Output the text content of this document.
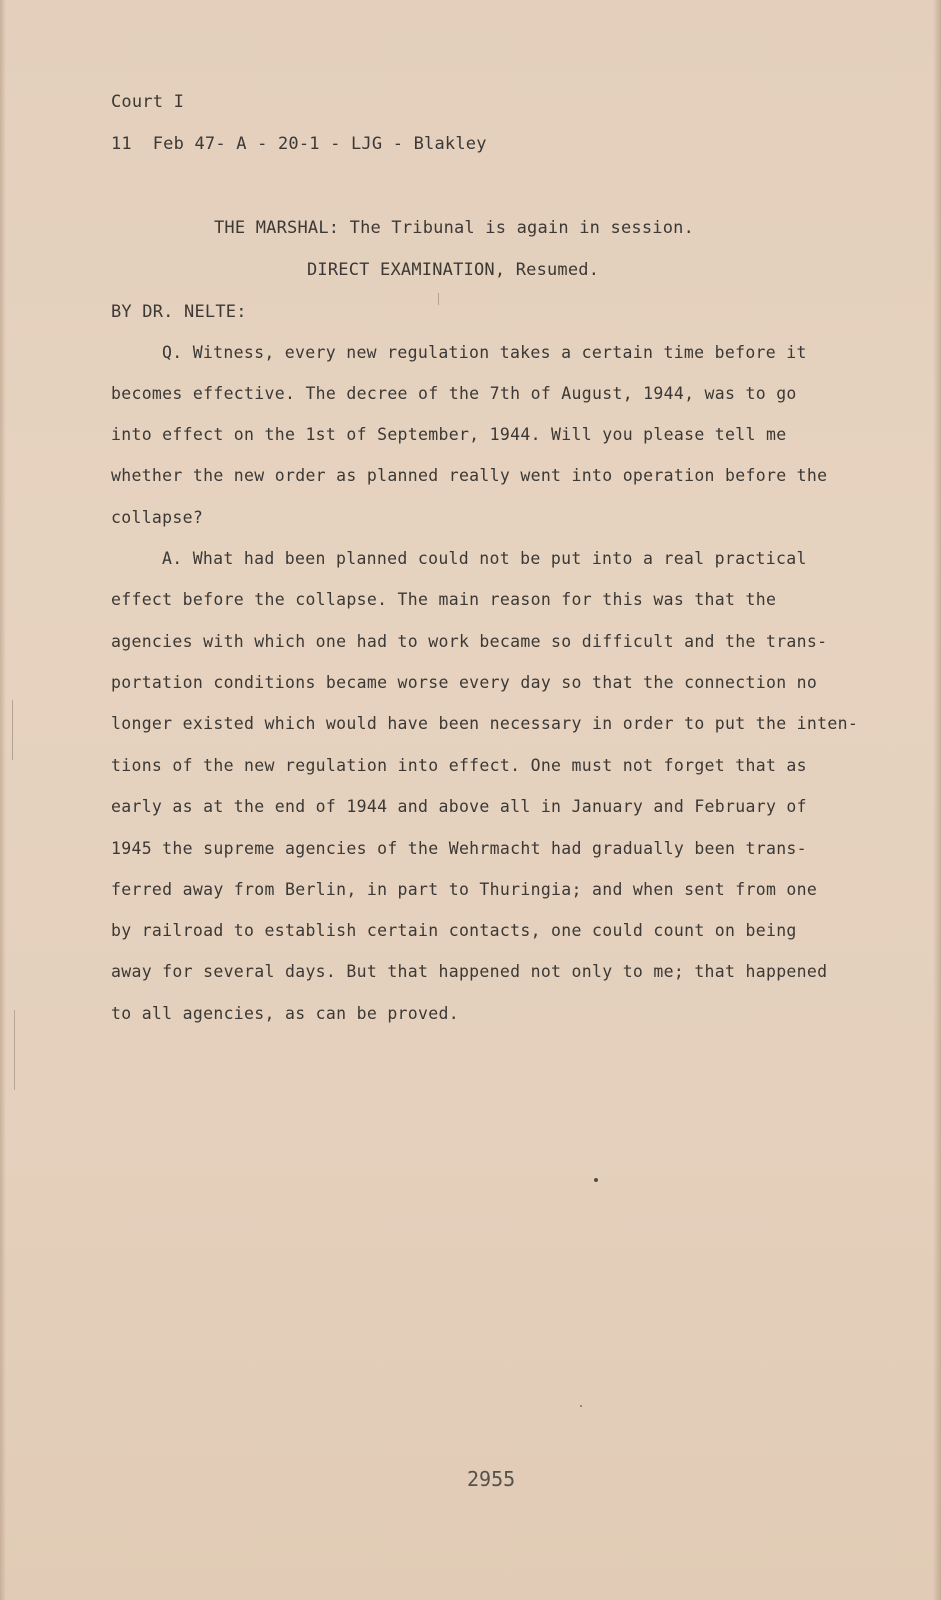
Court I

11  Feb 47- A - 20-1 - LJG - Blakley

THE MARSHAL: The Tribunal is again in session.

DIRECT EXAMINATION, Resumed.

BY DR. NELTE:

Q. Witness, every new regulation takes a certain time before it

becomes effective. The decree of the 7th of August, 1944, was to go

into effect on the 1st of September, 1944. Will you please tell me

whether the new order as planned really went into operation before the

collapse?

A. What had been planned could not be put into a real practical

effect before the collapse. The main reason for this was that the

agencies with which one had to work became so difficult and the trans-

portation conditions became worse every day so that the connection no

longer existed which would have been necessary in order to put the inten-

tions of the new regulation into effect. One must not forget that as

early as at the end of 1944 and above all in January and February of

1945 the supreme agencies of the Wehrmacht had gradually been trans-

ferred away from Berlin, in part to Thuringia; and when sent from one

by railroad to establish certain contacts, one could count on being

away for several days. But that happened not only to me; that happened

to all agencies, as can be proved.

2955
